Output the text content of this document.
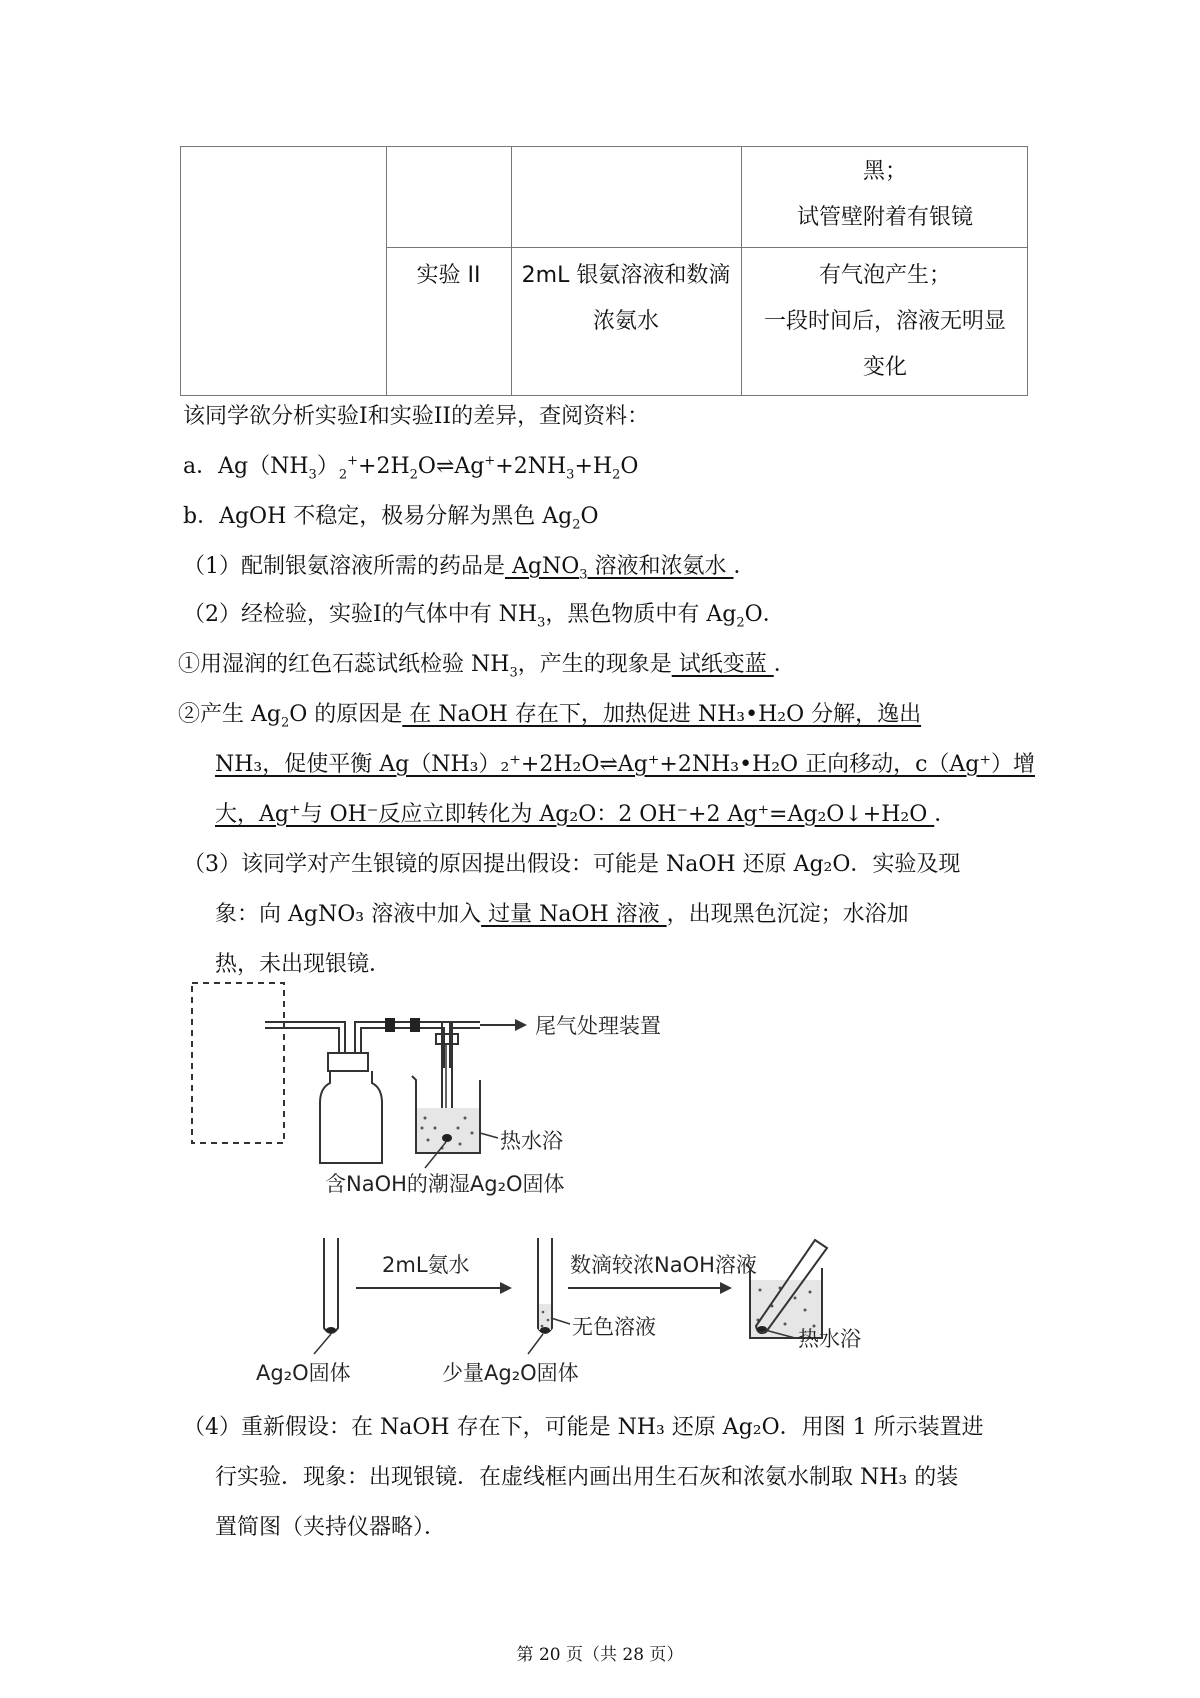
黑；
试管壁附着有银镜
实验 II	2mL 银氨溶液和数滴
浓氨水
有气泡产生；
一段时间后，溶液无明显
变化
该同学欲分析实验I和实验II的差异，查阅资料：
a．$Ag(NH_3)_2^++2H_2O\rightleftharpoons Ag^++2NH_3+H_2O$
b．AgOH 不稳定，极易分解为黑色 $Ag_2O$
（1）配制银氨溶液所需的药品是 AgNO$_3$ 溶液和浓氨水 ．
（2）经检验，实验I的气体中有 $NH_3$，黑色物质中有 $Ag_2O$．
①用湿润的红色石蕊试纸检验 $NH_3$，产生的现象是 试纸变蓝 ．
②产生 $Ag_2O$ 的原因是 在 NaOH 存在下，加热促进 NH₃•H₂O 分解，逸出
NH₃，促使平衡 Ag（NH₃）₂⁺+2H₂O⇌Ag⁺+2NH₃•H₂O 正向移动，c（Ag⁺）增
大，Ag⁺与 OH⁻反应立即转化为 Ag₂O：2 OH⁻+2 Ag⁺=Ag₂O↓+H₂O ．
（3）该同学对产生银镜的原因提出假设：可能是 NaOH 还原 Ag₂O．实验及现
象：向 AgNO₃ 溶液中加入 过量 NaOH 溶液 ，出现黑色沉淀；水浴加
热，未出现银镜．
尾气处理装置
热水浴
含NaOH的潮湿Ag₂O固体
Ag₂O固体
2mL氨水
无色溶液
少量Ag₂O固体
数滴较浓NaOH溶液
热水浴
（4）重新假设：在 NaOH 存在下，可能是 NH₃ 还原 Ag₂O．用图 1 所示装置进
行实验．现象：出现银镜．在虚线框内画出用生石灰和浓氨水制取 NH₃ 的装
置简图（夹持仪器略）．
第 20 页（共 28 页）
